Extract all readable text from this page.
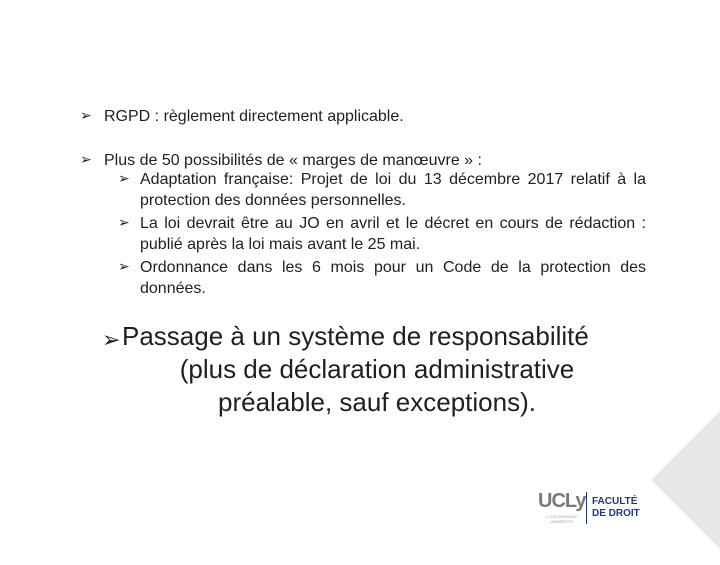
➢ RGPD : règlement directement applicable.
➢ Plus de 50 possibilités de « marges de manœuvre » :
➢ Adaptation française: Projet de loi du 13 décembre 2017 relatif à la protection des données personnelles.
➢ La loi devrait être au JO en avril et le décret en cours de rédaction : publié après la loi mais avant le 25 mai.
➢ Ordonnance dans les 6 mois pour un Code de la protection des données.
➢ Passage à un système de responsabilité
(plus de déclaration administrative
préalable, sauf exceptions).
UCLy
LYON CATHOLIC UNIVERSITY
FACULTÉ
DE DROIT
